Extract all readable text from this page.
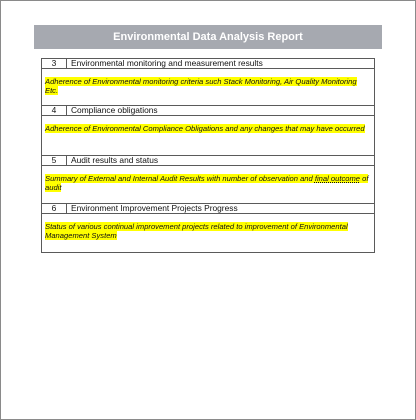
Environmental Data Analysis Report
3	Environmental monitoring and measurement results
Adherence of Environmental monitoring criteria such Stack Monitoring, Air Quality Monitoring Etc.	
4	Compliance obligations
Adherence of Environmental Compliance Obligations and any changes that may have occurred	
5	Audit results and status
Summary of External and Internal Audit Results with number of observation and final outcome of audit	
6	Environment Improvement Projects Progress
Status of various continual improvement projects related to improvement of Environmental Management System	
